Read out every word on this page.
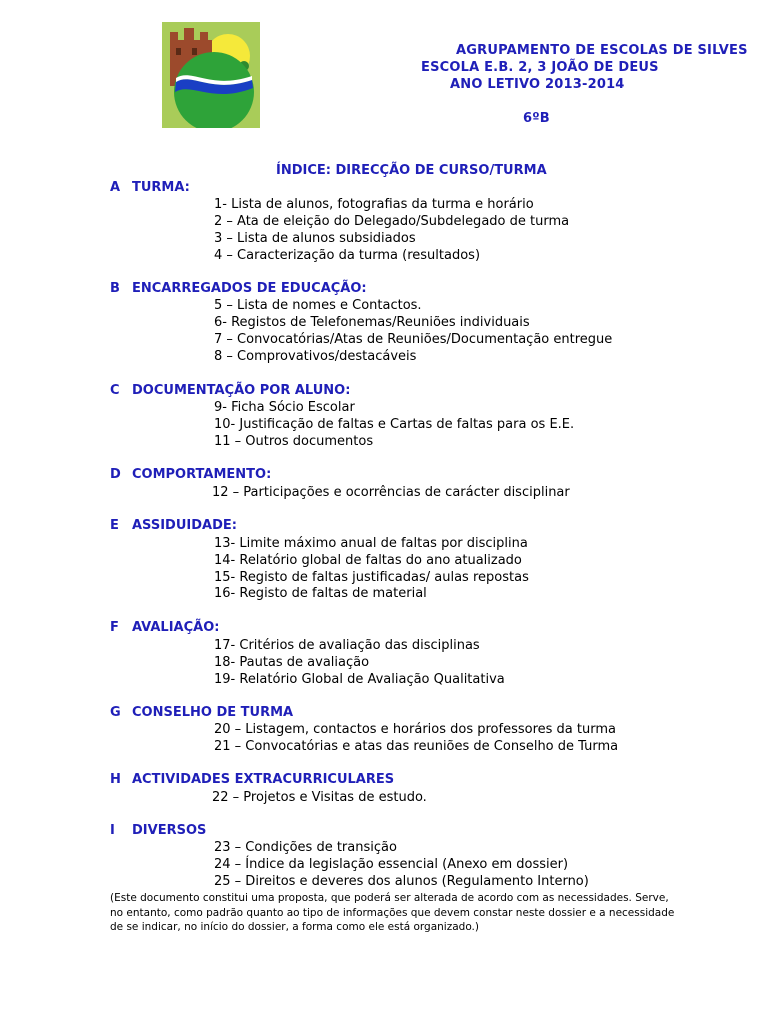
AGRUPAMENTO DE ESCOLAS DE SILVES
ESCOLA E.B. 2, 3 JOÃO DE DEUS
ANO LETIVO 2013-2014
6ºB
ÍNDICE: DIRECÇÃO DE CURSO/TURMA
A TURMA:
1- Lista de alunos, fotografias da turma e horário
2 – Ata de eleição do Delegado/Subdelegado de turma
3 – Lista de alunos subsidiados
4 – Caracterização da turma (resultados)
B ENCARREGADOS DE EDUCAÇÃO:
5 – Lista de nomes e Contactos.
6- Registos de Telefonemas/Reuniões individuais
7 – Convocatórias/Atas de Reuniões/Documentação entregue
8 – Comprovativos/destacáveis
C DOCUMENTAÇÃO POR ALUNO:
9- Ficha Sócio Escolar
10- Justificação de faltas e Cartas de faltas para os E.E.
11 – Outros documentos
D COMPORTAMENTO:
12 – Participações e ocorrências de carácter disciplinar
E ASSIDUIDADE:
13- Limite máximo anual de faltas por disciplina
14- Relatório global de faltas do ano atualizado
15- Registo de faltas justificadas/ aulas repostas
16- Registo de faltas de material
F AVALIAÇÃO:
17- Critérios de avaliação das disciplinas
18- Pautas de avaliação
19- Relatório Global de Avaliação Qualitativa
G CONSELHO DE TURMA
20 – Listagem, contactos e horários dos professores da turma
21 – Convocatórias e atas das reuniões de Conselho de Turma
H ACTIVIDADES EXTRACURRICULARES
22 – Projetos e Visitas de estudo.
I DIVERSOS
23 – Condições de transição
24 – Índice da legislação essencial (Anexo em dossier)
25 – Direitos e deveres dos alunos (Regulamento Interno)
(Este documento constitui uma proposta, que poderá ser alterada de acordo com as necessidades. Serve,
no entanto, como padrão quanto ao tipo de informações que devem constar neste dossier e a necessidade
de se indicar, no início do dossier, a forma como ele está organizado.)
